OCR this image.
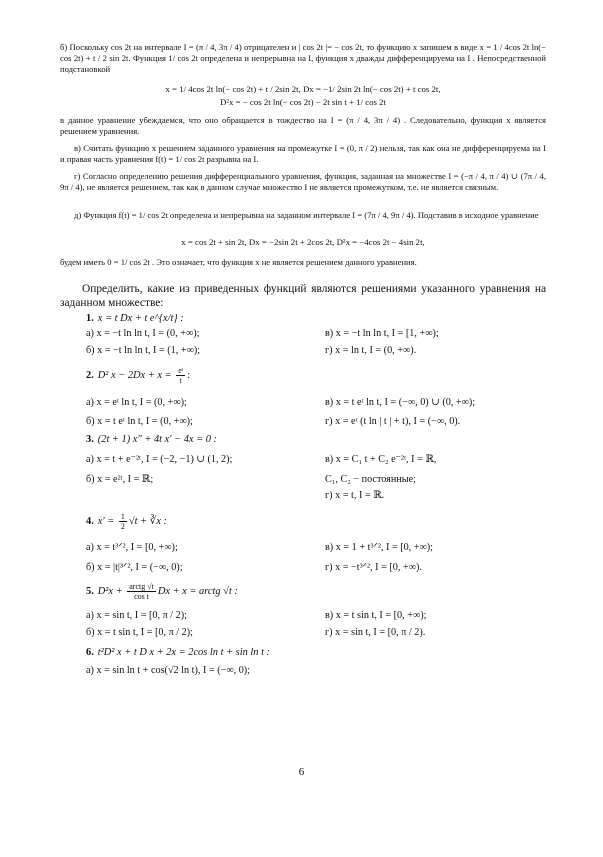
б) Поскольку cos 2t на интервале I = (π / 4, 3π / 4) отрицателен и | cos 2t |= − cos 2t, то функцию x запишем в виде x = 1 / 4cos 2t ln(− cos 2t) + t / 2 sin 2t. Функция 1/ cos 2t определена и непрерывна на I, функция x дважды дифференцируема на I . Непосредственной подстановкой
x = 1/ 4cos 2t ln(− cos 2t) + t / 2sin 2t, Dx = −1/ 2sin 2t ln(− cos 2t) + t cos 2t,
D²x = − cos 2t ln(− cos 2t) − 2t sin t + 1/ cos 2t
в данное уравнение убеждаемся, что оно обращается в тождество на I = (π / 4, 3π / 4) . Следовательно, функция x является решением уравнения.
в) Считать функцию x решением заданного уравнения на промежутке I = (0, π / 2) нельзя, так как она не дифференцируема на I и правая часть уравнения f(t) = 1/ cos 2t разрывна на I.
г) Согласно определению решения дифференциального уравнения, функция, заданная на множестве I = (−π / 4, π / 4) ∪ (7π / 4, 9π / 4), не является решением, так как в данном случае множество I не является промежутком, т.е. не является связным.
д) Функция f(t) = 1/ cos 2t определена и непрерывна на заданном интервале I = (7π / 4, 9π / 4). Подставив в исходное уравнение
x = cos 2t + sin 2t, Dx = −2sin 2t + 2cos 2t, D²x = −4cos 2t − 4sin 2t,
будем иметь 0 = 1/ cos 2t . Это означает, что функция x не является решением данного уравнения.
Определить, какие из приведенных функций являются решениями указанного уравнения на заданном множестве:
1. x = t Dx + t e^{x/t} :
а) x = −t ln ln t, I = (0, +∞);	в) x = −t ln ln t, I = [1, +∞);
б) x = −t ln ln t, I = (1, +∞);	г) x = ln t, I = (0, +∞).
2. D² $x - 2Dx + x = \frac{\text{eᵗ}}{t}$ :
а) x = eᵗ ln t, I = (0, +∞);	в) x = t eᵗ ln t, I = (−∞, 0) ∪ (0, +∞);
б) x = t eᵗ ln t, I = (0, +∞);	г) x = eᵗ (t ln | t | + t), I = (−∞, 0).
3. (2t + 1) x″ + 4t x′ − 4x = 0 :
а) x = t + e⁻²ᵗ, I = (−2, −1) ∪ (1, 2);	в) x = C₁ t + C₂ e⁻²ᵗ, I = ℝ,
б) x = e²ᵗ, I = ℝ;	C₁, C₂ − постоянные;
г) x = t, I = ℝ.
4. $x' = \frac{1}{2} √t$ + ∛x :
а) x = t³ᐟ², I = [0, +∞);	в) x = 1 + t³ᐟ², I = [0, +∞);
б) x = |t|³ᐟ², I = (−∞, 0);	г) x = −t³ᐟ², I = [0, +∞).
5. $D^2x + \frac{\text{arctg √t}}{\text{cos t}}$ Dx + x = arctg √t :
а) x = sin t, I = [0, π / 2);	в) x = t sin t, I = [0, +∞);
б) x = t sin t, I = [0, π / 2);	г) x = sin t, I = [0, π / 2).
6. t²D² x + t D x + 2x = 2cos ln t + sin ln t :
а) x = sin ln t + cos(√2 ln t), I = (−∞, 0);
6
